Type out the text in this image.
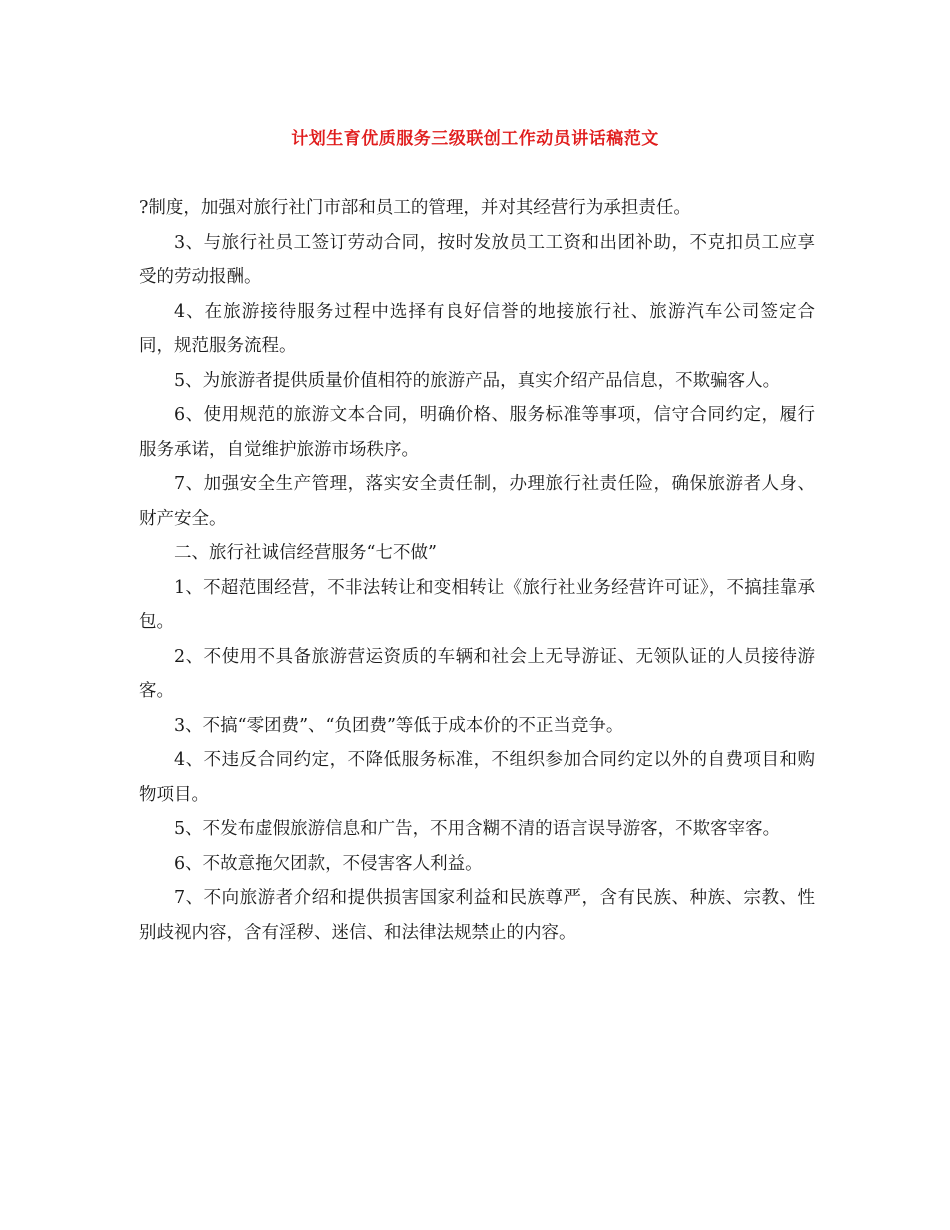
计划生育优质服务三级联创工作动员讲话稿范文

?制度，加强对旅行社门市部和员工的管理，并对其经营行为承担责任。

3、与旅行社员工签订劳动合同，按时发放员工工资和出团补助，不克扣员工应享受的劳动报酬。

4、在旅游接待服务过程中选择有良好信誉的地接旅行社、旅游汽车公司签定合同，规范服务流程。

5、为旅游者提供质量价值相符的旅游产品，真实介绍产品信息，不欺骗客人。

6、使用规范的旅游文本合同，明确价格、服务标准等事项，信守合同约定，履行服务承诺，自觉维护旅游市场秩序。

7、加强安全生产管理，落实安全责任制，办理旅行社责任险，确保旅游者人身、财产安全。

二、旅行社诚信经营服务“七不做”

1、不超范围经营，不非法转让和变相转让《旅行社业务经营许可证》，不搞挂靠承包。

2、不使用不具备旅游营运资质的车辆和社会上无导游证、无领队证的人员接待游客。

3、不搞“零团费”、“负团费”等低于成本价的不正当竞争。

4、不违反合同约定，不降低服务标准，不组织参加合同约定以外的自费项目和购物项目。

5、不发布虚假旅游信息和广告，不用含糊不清的语言误导游客，不欺客宰客。

6、不故意拖欠团款，不侵害客人利益。

7、不向旅游者介绍和提供损害国家利益和民族尊严，含有民族、种族、宗教、性别歧视内容，含有淫秽、迷信、和法律法规禁止的内容。
